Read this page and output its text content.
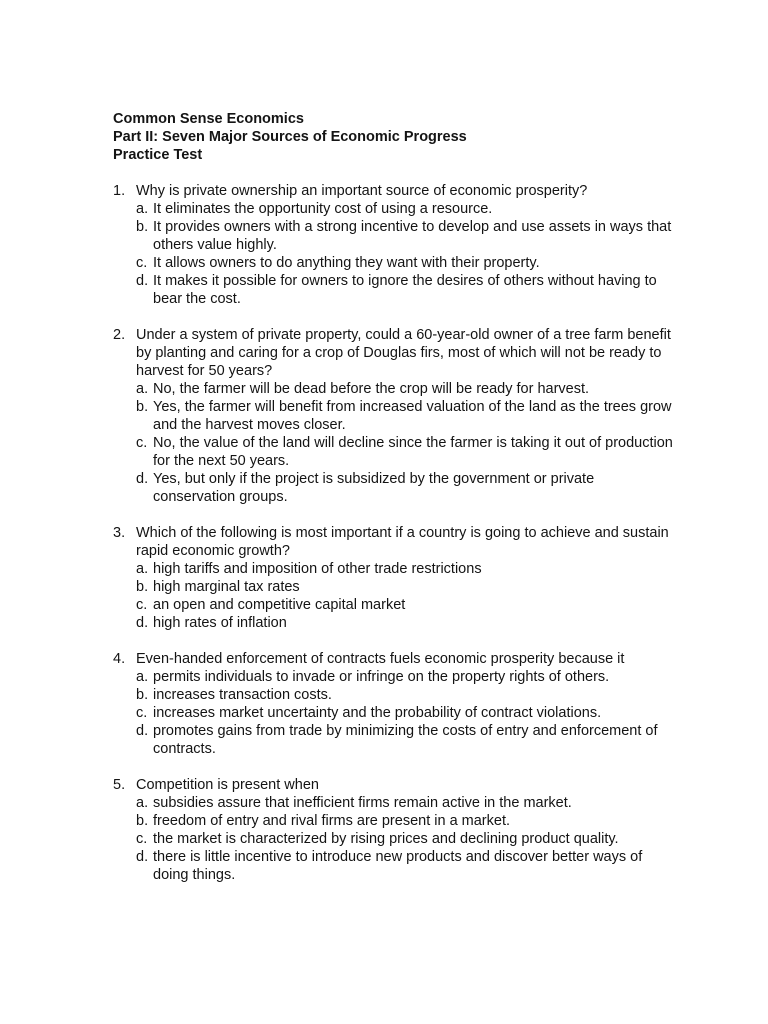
Common Sense Economics
Part II: Seven Major Sources of Economic Progress
Practice Test
1. Why is private ownership an important source of economic prosperity?
a. It eliminates the opportunity cost of using a resource.
b. It provides owners with a strong incentive to develop and use assets in ways that others value highly.
c. It allows owners to do anything they want with their property.
d. It makes it possible for owners to ignore the desires of others without having to bear the cost.
2. Under a system of private property, could a 60-year-old owner of a tree farm benefit by planting and caring for a crop of Douglas firs, most of which will not be ready to harvest for 50 years?
a. No, the farmer will be dead before the crop will be ready for harvest.
b. Yes, the farmer will benefit from increased valuation of the land as the trees grow and the harvest moves closer.
c. No, the value of the land will decline since the farmer is taking it out of production for the next 50 years.
d. Yes, but only if the project is subsidized by the government or private conservation groups.
3. Which of the following is most important if a country is going to achieve and sustain rapid economic growth?
a. high tariffs and imposition of other trade restrictions
b. high marginal tax rates
c. an open and competitive capital market
d. high rates of inflation
4. Even-handed enforcement of contracts fuels economic prosperity because it
a. permits individuals to invade or infringe on the property rights of others.
b. increases transaction costs.
c. increases market uncertainty and the probability of contract violations.
d. promotes gains from trade by minimizing the costs of entry and enforcement of contracts.
5. Competition is present when
a. subsidies assure that inefficient firms remain active in the market.
b. freedom of entry and rival firms are present in a market.
c. the market is characterized by rising prices and declining product quality.
d. there is little incentive to introduce new products and discover better ways of doing things.
